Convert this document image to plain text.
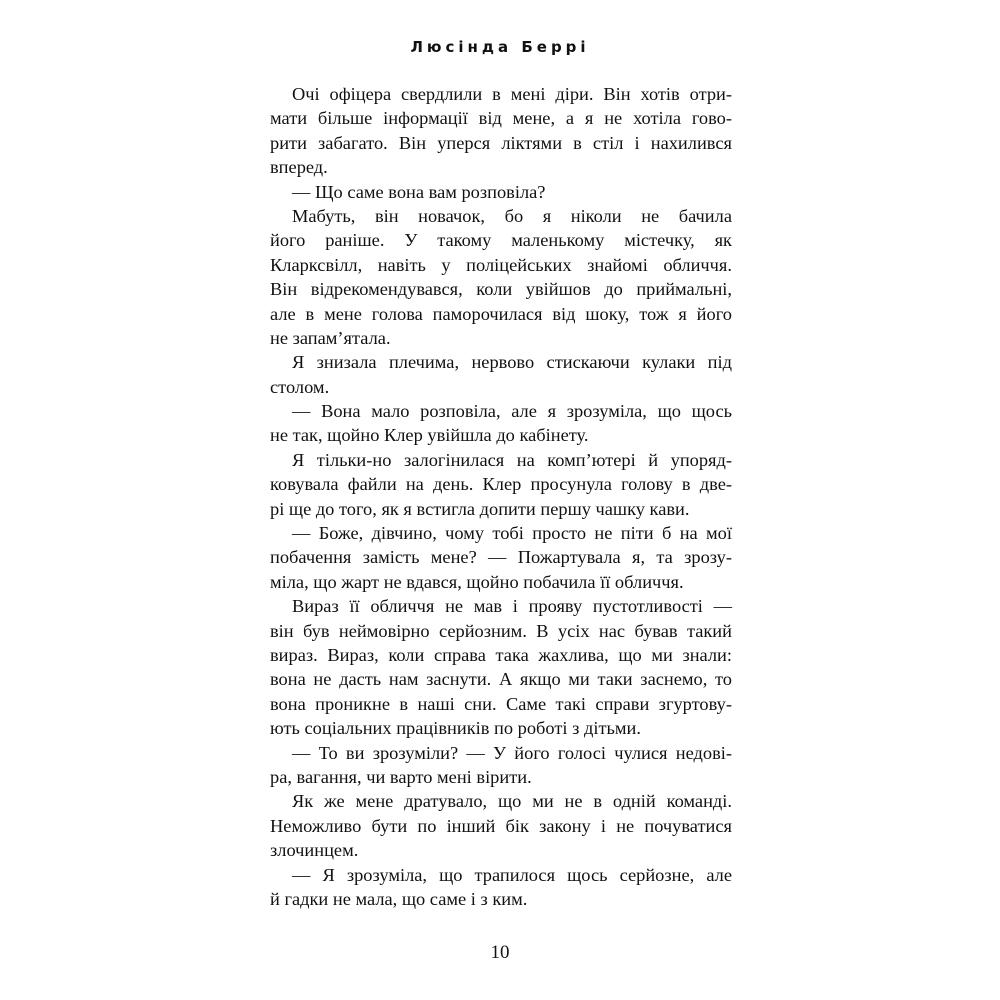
Люсінда Беррі
Очі офіцера свердлили в мені діри. Він хотів отри-
мати більше інформації від мене, а я не хотіла гово-
рити забагато. Він уперся ліктями в стіл і нахилився
вперед.
— Що саме вона вам розповіла?
Мабуть, він новачок, бо я ніколи не бачила
його раніше. У такому маленькому містечку, як
Кларксвілл, навіть у поліцейських знайомі обличчя.
Він відрекомендувався, коли увійшов до приймальні,
але в мене голова паморочилася від шоку, тож я його
не запам’ятала.
Я знизала плечима, нервово стискаючи кулаки під
столом.
— Вона мало розповіла, але я зрозуміла, що щось
не так, щойно Клер увійшла до кабінету.
Я тільки-но залогінилася на комп’ютері й упоряд-
ковувала файли на день. Клер просунула голову в две-
рі ще до того, як я встигла допити першу чашку кави.
— Боже, дівчино, чому тобі просто не піти б на мої
побачення замість мене? — Пожартувала я, та зрозу-
міла, що жарт не вдався, щойно побачила її обличчя.
Вираз її обличчя не мав і прояву пустотливості —
він був неймовірно серйозним. В усіх нас бував такий
вираз. Вираз, коли справа така жахлива, що ми знали:
вона не дасть нам заснути. А якщо ми таки заснемо, то
вона проникне в наші сни. Саме такі справи згуртову-
ють соціальних працівників по роботі з дітьми.
— То ви зрозуміли? — У його голосі чулися недові-
ра, вагання, чи варто мені вірити.
Як же мене дратувало, що ми не в одній команді.
Неможливо бути по інший бік закону і не почуватися
злочинцем.
— Я зрозуміла, що трапилося щось серйозне, але
й гадки не мала, що саме і з ким.
10
